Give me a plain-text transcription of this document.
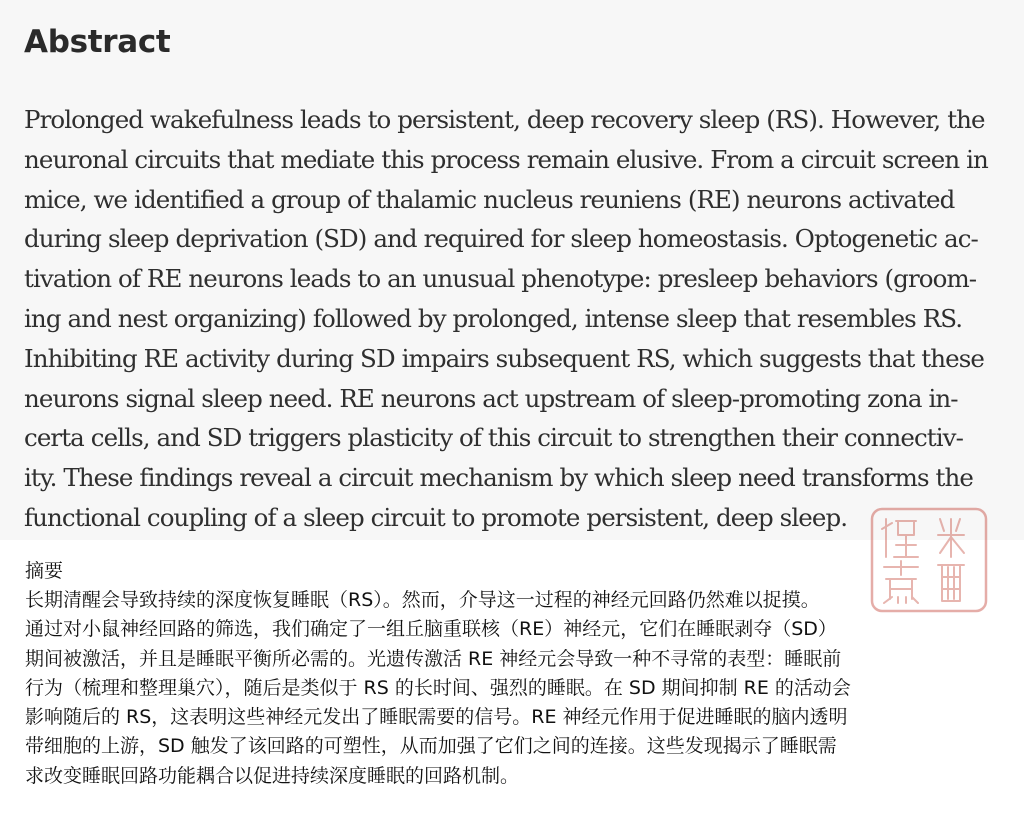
Abstract
Prolonged wakefulness leads to persistent, deep recovery sleep (RS). However, the
neuronal circuits that mediate this process remain elusive. From a circuit screen in
mice, we identified a group of thalamic nucleus reuniens (RE) neurons activated
during sleep deprivation (SD) and required for sleep homeostasis. Optogenetic ac-
tivation of RE neurons leads to an unusual phenotype: presleep behaviors (groom-
ing and nest organizing) followed by prolonged, intense sleep that resembles RS.
Inhibiting RE activity during SD impairs subsequent RS, which suggests that these
neurons signal sleep need. RE neurons act upstream of sleep-promoting zona in-
certa cells, and SD triggers plasticity of this circuit to strengthen their connectiv-
ity. These findings reveal a circuit mechanism by which sleep need transforms the
functional coupling of a sleep circuit to promote persistent, deep sleep.
摘要
长期清醒会导致持续的深度恢复睡眠（RS）。然而，介导这一过程的神经元回路仍然难以捉摸。
通过对小鼠神经回路的筛选，我们确定了一组丘脑重联核（RE）神经元，它们在睡眠剥夺（SD）
期间被激活，并且是睡眠平衡所必需的。光遗传激活 RE 神经元会导致一种不寻常的表型：睡眠前
行为（梳理和整理巢穴），随后是类似于 RS 的长时间、强烈的睡眠。在 SD 期间抑制 RE 的活动会
影响随后的 RS，这表明这些神经元发出了睡眠需要的信号。RE 神经元作用于促进睡眠的脑内透明
带细胞的上游，SD 触发了该回路的可塑性，从而加强了它们之间的连接。这些发现揭示了睡眠需
求改变睡眠回路功能耦合以促进持续深度睡眠的回路机制。
